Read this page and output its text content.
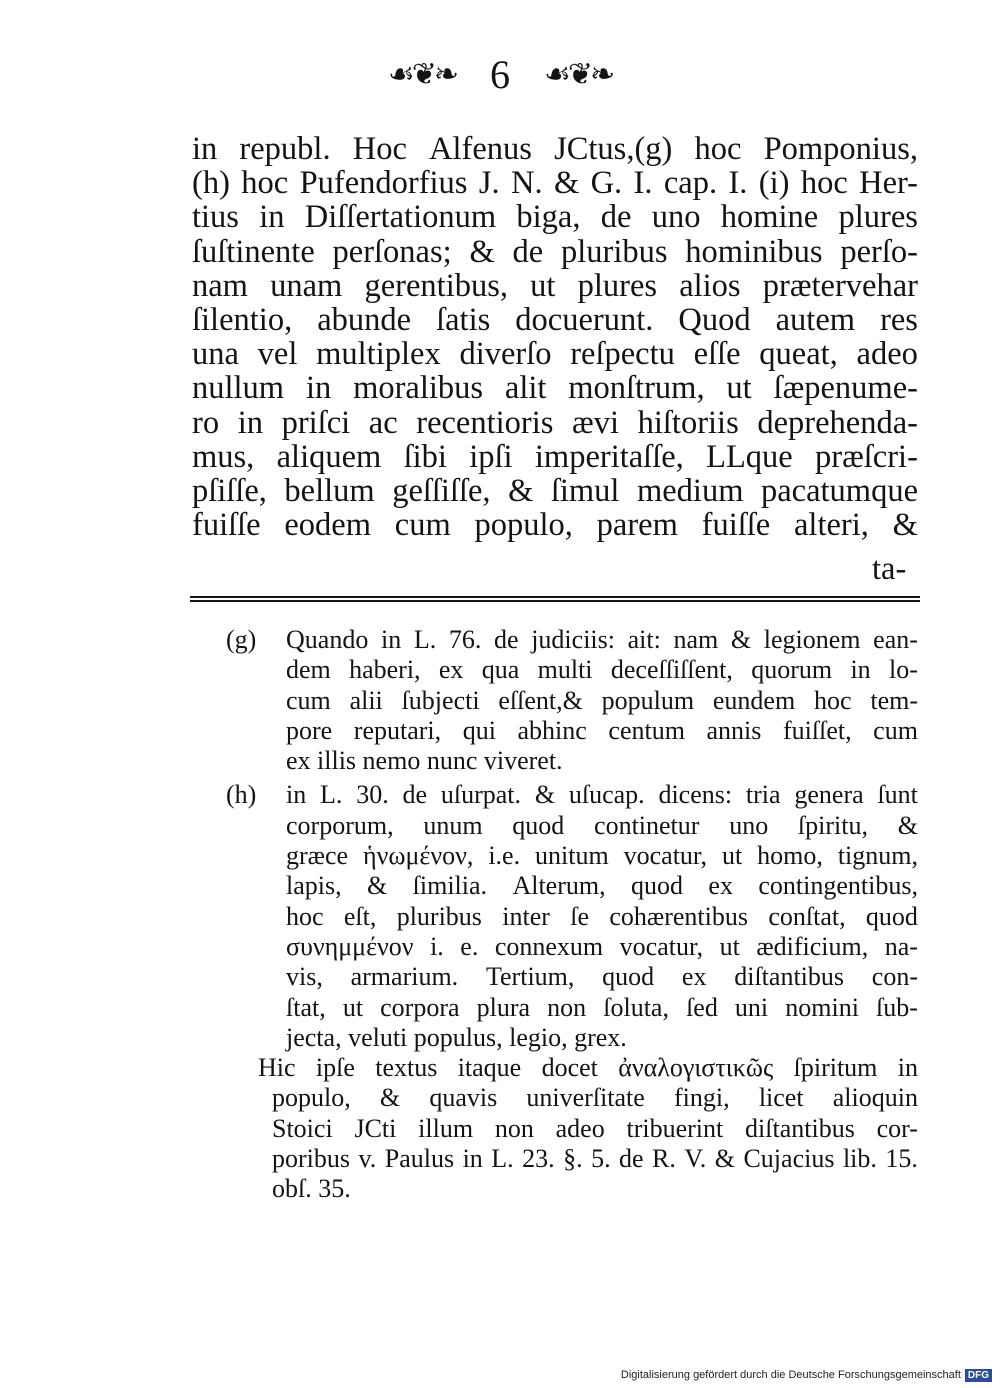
☙❦❧ 6 ☙❦❧
in republ. Hoc Alfenus JCtus,(g) hoc Pomponius,
(h) hoc Pufendorfius J. N. & G. I. cap. I. (i) hoc Her-
tius in Diſſertationum biga, de uno homine plures
ſuſtinente perſonas; & de pluribus hominibus perſo-
nam unam gerentibus, ut plures alios prætervehar
ſilentio, abunde ſatis docuerunt. Quod autem res
una vel multiplex diverſo reſpectu eſſe queat, adeo
nullum in moralibus alit monſtrum, ut ſæpenume-
ro in priſci ac recentioris ævi hiſtoriis deprehenda-
mus, aliquem ſibi ipſi imperitaſſe, LLque præſcri-
pſiſſe, bellum geſſiſſe, & ſimul medium pacatumque
fuiſſe eodem cum populo, parem fuiſſe alteri, &
ta-
(g)	Quando in L. 76. de judiciis: ait: nam & legionem ean-
dem haberi, ex qua multi deceſſiſſent, quorum in lo-
cum alii ſubjecti eſſent,& populum eundem hoc tem-
pore reputari, qui abhinc centum annis fuiſſet, cum
ex illis nemo nunc viveret.
(h)	in L. 30. de uſurpat. & uſucap. dicens: tria genera ſunt
corporum, unum quod continetur uno ſpiritu, &
græce ἡνωμένον, i.e. unitum vocatur, ut homo, tignum,
lapis, & ſimilia. Alterum, quod ex contingentibus,
hoc eſt, pluribus inter ſe cohærentibus conſtat, quod
συνημμένον i. e. connexum vocatur, ut ædificium, na-
vis, armarium. Tertium, quod ex diſtantibus con-
ſtat, ut corpora plura non ſoluta, ſed uni nomini ſub-
jecta, veluti populus, legio, grex.
Hic ipſe textus itaque docet ἀναλογιστικῶς ſpiritum in
populo, & quavis univerſitate fingi, licet alioquin
Stoici JCti illum non adeo tribuerint diſtantibus cor-
poribus v. Paulus in L. 23. §. 5. de R. V. & Cujacius lib. 15.
obſ. 35.
Digitalisierung gefördert durch die Deutsche Forschungsgemeinschaft DFG
